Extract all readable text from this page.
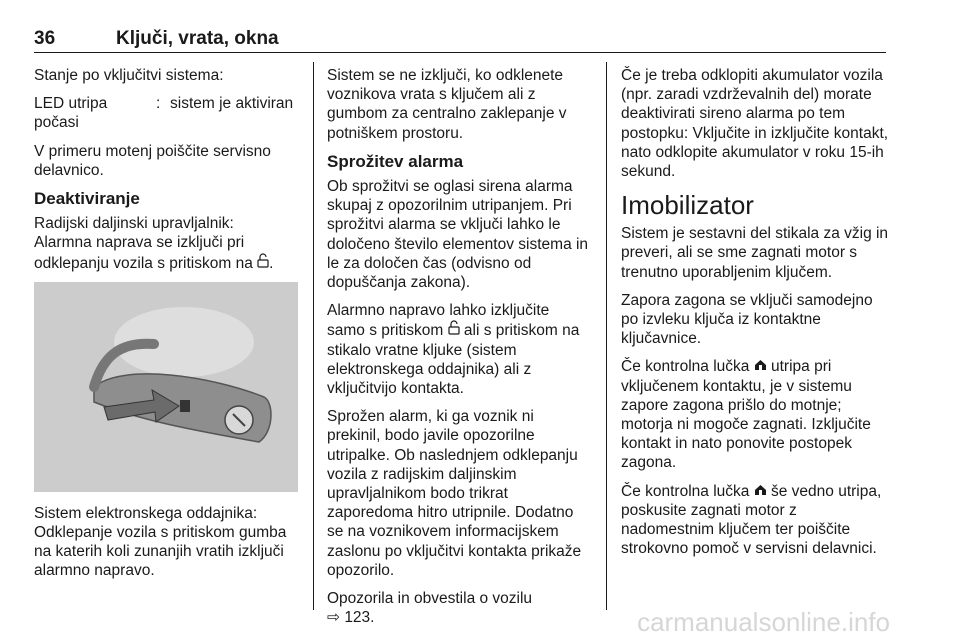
36	Ključi, vrata, okna

Stanje po vključitvi sistema:

LED utripa
počasi
: sistem je aktiviran

V primeru motenj poiščite servisno delavnico.

Deaktiviranje

Radijski daljinski upravljalnik:
Alarmna naprava se izključi pri odklepanju vozila s pritiskom na .

Sistem elektronskega oddajnika:
Odklepanje vozila s pritiskom gumba na katerih koli zunanjih vratih izključi alarmno napravo.

Sistem se ne izključi, ko odklenete voznikova vrata s ključem ali z gumbom za centralno zaklepanje v potniškem prostoru.

Sprožitev alarma

Ob sprožitvi se oglasi sirena alarma skupaj z opozorilnim utripanjem. Pri sprožitvi alarma se vključi lahko le določeno število elementov sistema in le za določen čas (odvisno od dopuščanja zakona).

Alarmno napravo lahko izključite samo s pritiskom ali s pritiskom na stikalo vratne kljuke (sistem elektronskega oddajnika) ali z vključitvijo kontakta.

Sprožen alarm, ki ga voznik ni prekinil, bodo javile opozorilne utripalke. Ob naslednjem odklepanju vozila z radijskim daljinskim upravljalnikom bodo trikrat zaporedoma hitro utripnile. Dodatno se na voznikovem informacijskem zaslonu po vključitvi kontakta prikaže opozorilo.

Opozorila in obvestila o vozilu
⇨ 123.

Če je treba odklopiti akumulator vozila (npr. zaradi vzdrževalnih del) morate deaktivirati sireno alarma po tem postopku: Vključite in izključite kontakt, nato odklopite akumulator v roku 15-ih sekund.

Imobilizator

Sistem je sestavni del stikala za vžig in preveri, ali se sme zagnati motor s trenutno uporabljenim ključem.

Zapora zagona se vključi samodejno po izvleku ključa iz kontaktne ključavnice.

Če kontrolna lučka utripa pri vključenem kontaktu, je v sistemu zapore zagona prišlo do motnje; motorja ni mogoče zagnati. Izključite kontakt in nato ponovite postopek zagona.

Če kontrolna lučka še vedno utripa, poskusite zagnati motor z nadomestnim ključem ter poiščite strokovno pomoč v servisni delavnici.

carmanualsonline.info
